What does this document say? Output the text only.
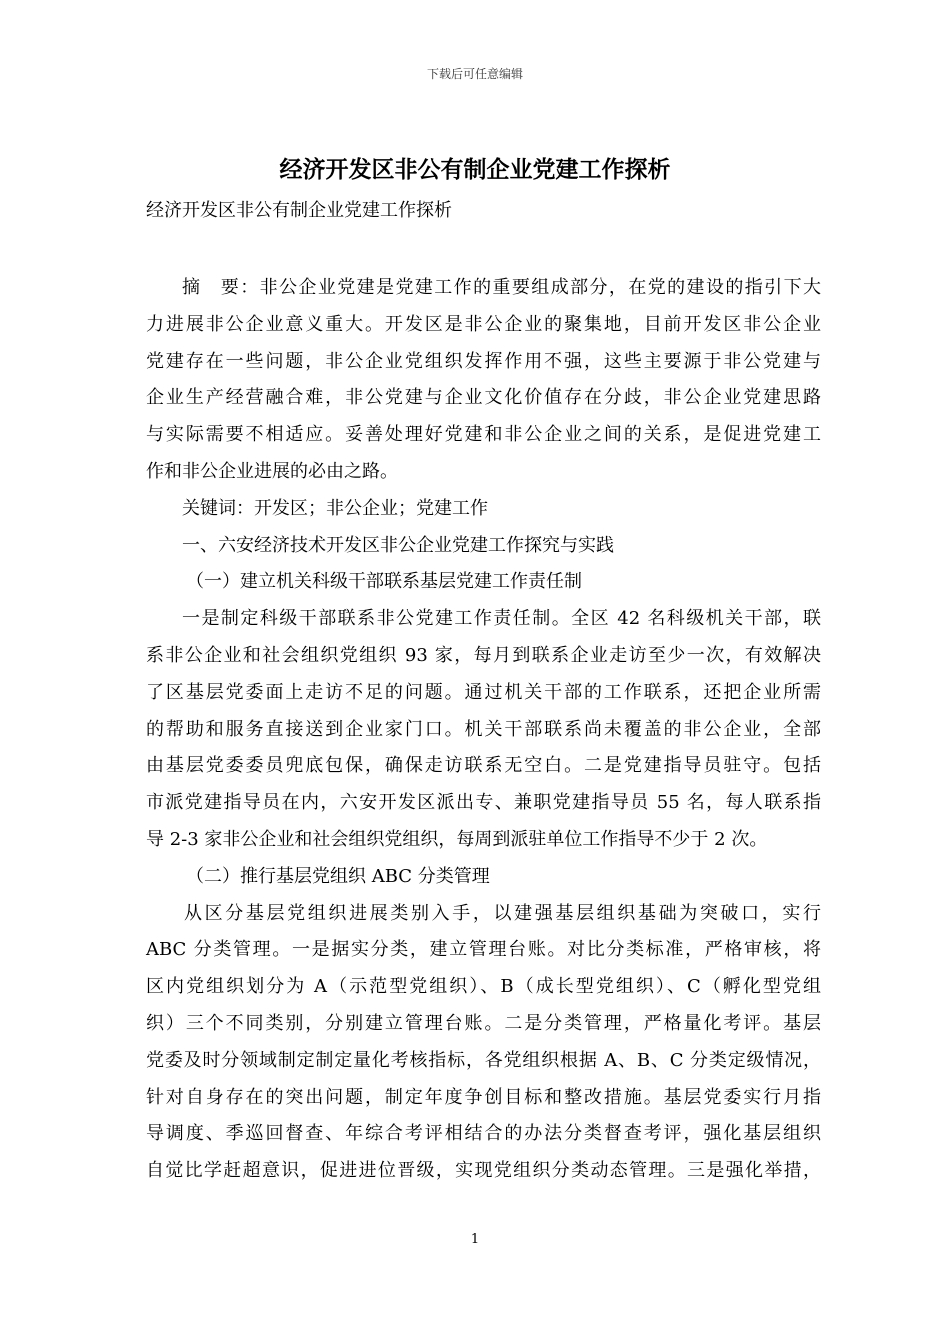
下载后可任意编辑
经济开发区非公有制企业党建工作探析
经济开发区非公有制企业党建工作探析
摘　要：非公企业党建是党建工作的重要组成部分，在党的建设的指引下大
力进展非公企业意义重大。开发区是非公企业的聚集地，目前开发区非公企业
党建存在一些问题，非公企业党组织发挥作用不强，这些主要源于非公党建与
企业生产经营融合难，非公党建与企业文化价值存在分歧，非公企业党建思路
与实际需要不相适应。妥善处理好党建和非公企业之间的关系，是促进党建工
作和非公企业进展的必由之路。
关键词：开发区；非公企业；党建工作
一、六安经济技术开发区非公企业党建工作探究与实践
（一）建立机关科级干部联系基层党建工作责任制
一是制定科级干部联系非公党建工作责任制。全区 42 名科级机关干部，联
系非公企业和社会组织党组织 93 家，每月到联系企业走访至少一次，有效解决
了区基层党委面上走访不足的问题。通过机关干部的工作联系，还把企业所需
的帮助和服务直接送到企业家门口。机关干部联系尚未覆盖的非公企业，全部
由基层党委委员兜底包保，确保走访联系无空白。二是党建指导员驻守。包括
市派党建指导员在内，六安开发区派出专、兼职党建指导员 55 名，每人联系指
导 2-3 家非公企业和社会组织党组织，每周到派驻单位工作指导不少于 2 次。
（二）推行基层党组织 ABC 分类管理
从区分基层党组织进展类别入手，以建强基层组织基础为突破口，实行
ABC 分类管理。一是据实分类，建立管理台账。对比分类标准，严格审核，将
区内党组织划分为 A（示范型党组织）、B（成长型党组织）、C（孵化型党组
织）三个不同类别，分别建立管理台账。二是分类管理，严格量化考评。基层
党委及时分领域制定制定量化考核指标，各党组织根据 A、B、C 分类定级情况，
针对自身存在的突出问题，制定年度争创目标和整改措施。基层党委实行月指
导调度、季巡回督查、年综合考评相结合的办法分类督查考评，强化基层组织
自觉比学赶超意识，促进进位晋级，实现党组织分类动态管理。三是强化举措，
1
